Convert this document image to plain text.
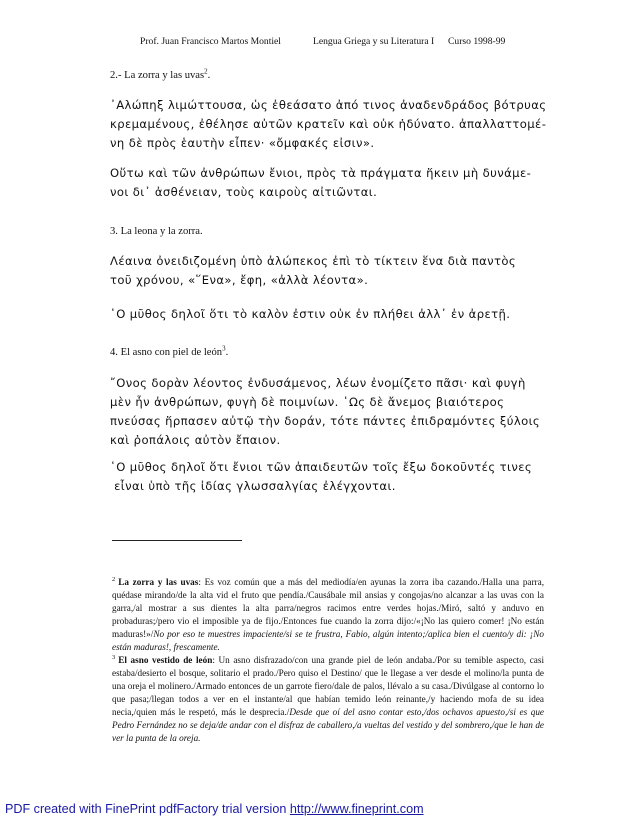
Prof. Juan Francisco Martos Montiel	Lengua Griega y su Literatura I Curso 1998-99
2.- La zorra y las uvas$^2$.

᾿Αλώπηξ λιμώττουσα, ὡς ἐθεάσατο ἀπό τινος ἀναδενδράδος βότρυας

κρεμαμένους, ἐθέλησε αὐτῶν κρατεῖν καὶ οὐκ ἠδύνατο. ἀπαλλαττομέ-

νη δὲ πρὸς ἑαυτὴν εἶπεν· «ὄμφακές εἰσιν».

Οὕτω καὶ τῶν ἀνθρώπων ἔνιοι, πρὸς τὰ πράγματα ἥκειν μὴ δυνάμε-

νοι δι᾿ ἀσθένειαν, τοὺς καιροὺς αἰτιῶνται.

3. La leona y la zorra.

Λέαινα ὀνειδιζομένη ὑπὸ ἀλώπεκος ἐπὶ τὸ τίκτειν ἕνα διὰ παντὸς

τοῦ χρόνου, «῞Ενα», ἔφη, «ἀλλὰ λέοντα».

῾Ο μῦθος δηλοῖ ὅτι τὸ καλὸν ἐστιν οὐκ ἐν πλήθει ἀλλ᾿ ἐν ἀρετῇ.

4. El asno con piel de león$^3$.

῎Ονος δορὰν λέοντος ἐνδυσάμενος, λέων ἐνομίζετο πᾶσι· καὶ φυγὴ

μὲν ἦν ἀνθρώπων, φυγὴ δὲ ποιμνίων. ῾Ως δὲ ἄνεμος βιαιότερος

πνεύσας ἥρπασεν αὐτῷ τὴν δοράν, τότε πάντες ἐπιδραμόντες ξύλοις

καὶ ῥοπάλοις αὐτὸν ἔπαιον.

῾Ο μῦθος δηλοῖ ὅτι ἔνιοι τῶν ἀπαιδευτῶν τοῖς ἔξω δοκοῦντές τινες

εἶναι ὑπὸ τῆς ἰδίας γλωσσαλγίας ἐλέγχονται.

$^2$ La zorra y las uvas: Es voz común que a más del mediodía/en ayunas la zorra iba cazando./Halla una parra, quédase mirando/de la alta vid el fruto que pendía./Causábale mil ansias y congojas/no alcanzar a las uvas con la garra,/al mostrar a sus dientes la alta parra/negros racimos entre verdes hojas./Miró, saltó y anduvo en probaduras;/pero vio el imposible ya de fijo./Entonces fue cuando la zorra dijo:/«¡No las quiero comer! ¡No están maduras!»/No por eso te muestres impaciente/si se te frustra, Fabio, algún intento;/aplica bien el cuento/y di: ¡No están maduras!, frescamente.

$^3$ El asno vestido de león: Un asno disfrazado/con una grande piel de león andaba./Por su temible aspecto, casi estaba/desierto el bosque, solitario el prado./Pero quiso el Destino/ que le llegase a ver desde el molino/la punta de una oreja el molinero./Armado entonces de un garrote fiero/dale de palos, llévalo a su casa./Divúlgase al contorno lo que pasa;/llegan todos a ver en el instante/al que habían temido león reinante,/y haciendo mofa de su idea necia,/quien más le respetó, más le desprecia./Desde que oí del asno contar esto,/dos ochavos apuesto,/si es que Pedro Fernández no se deja/de andar con el disfraz de caballero,/a vueltas del vestido y del sombrero,/que le han de ver la punta de la oreja.

PDF created with FinePrint pdfFactory trial version http://www.fineprint.com
